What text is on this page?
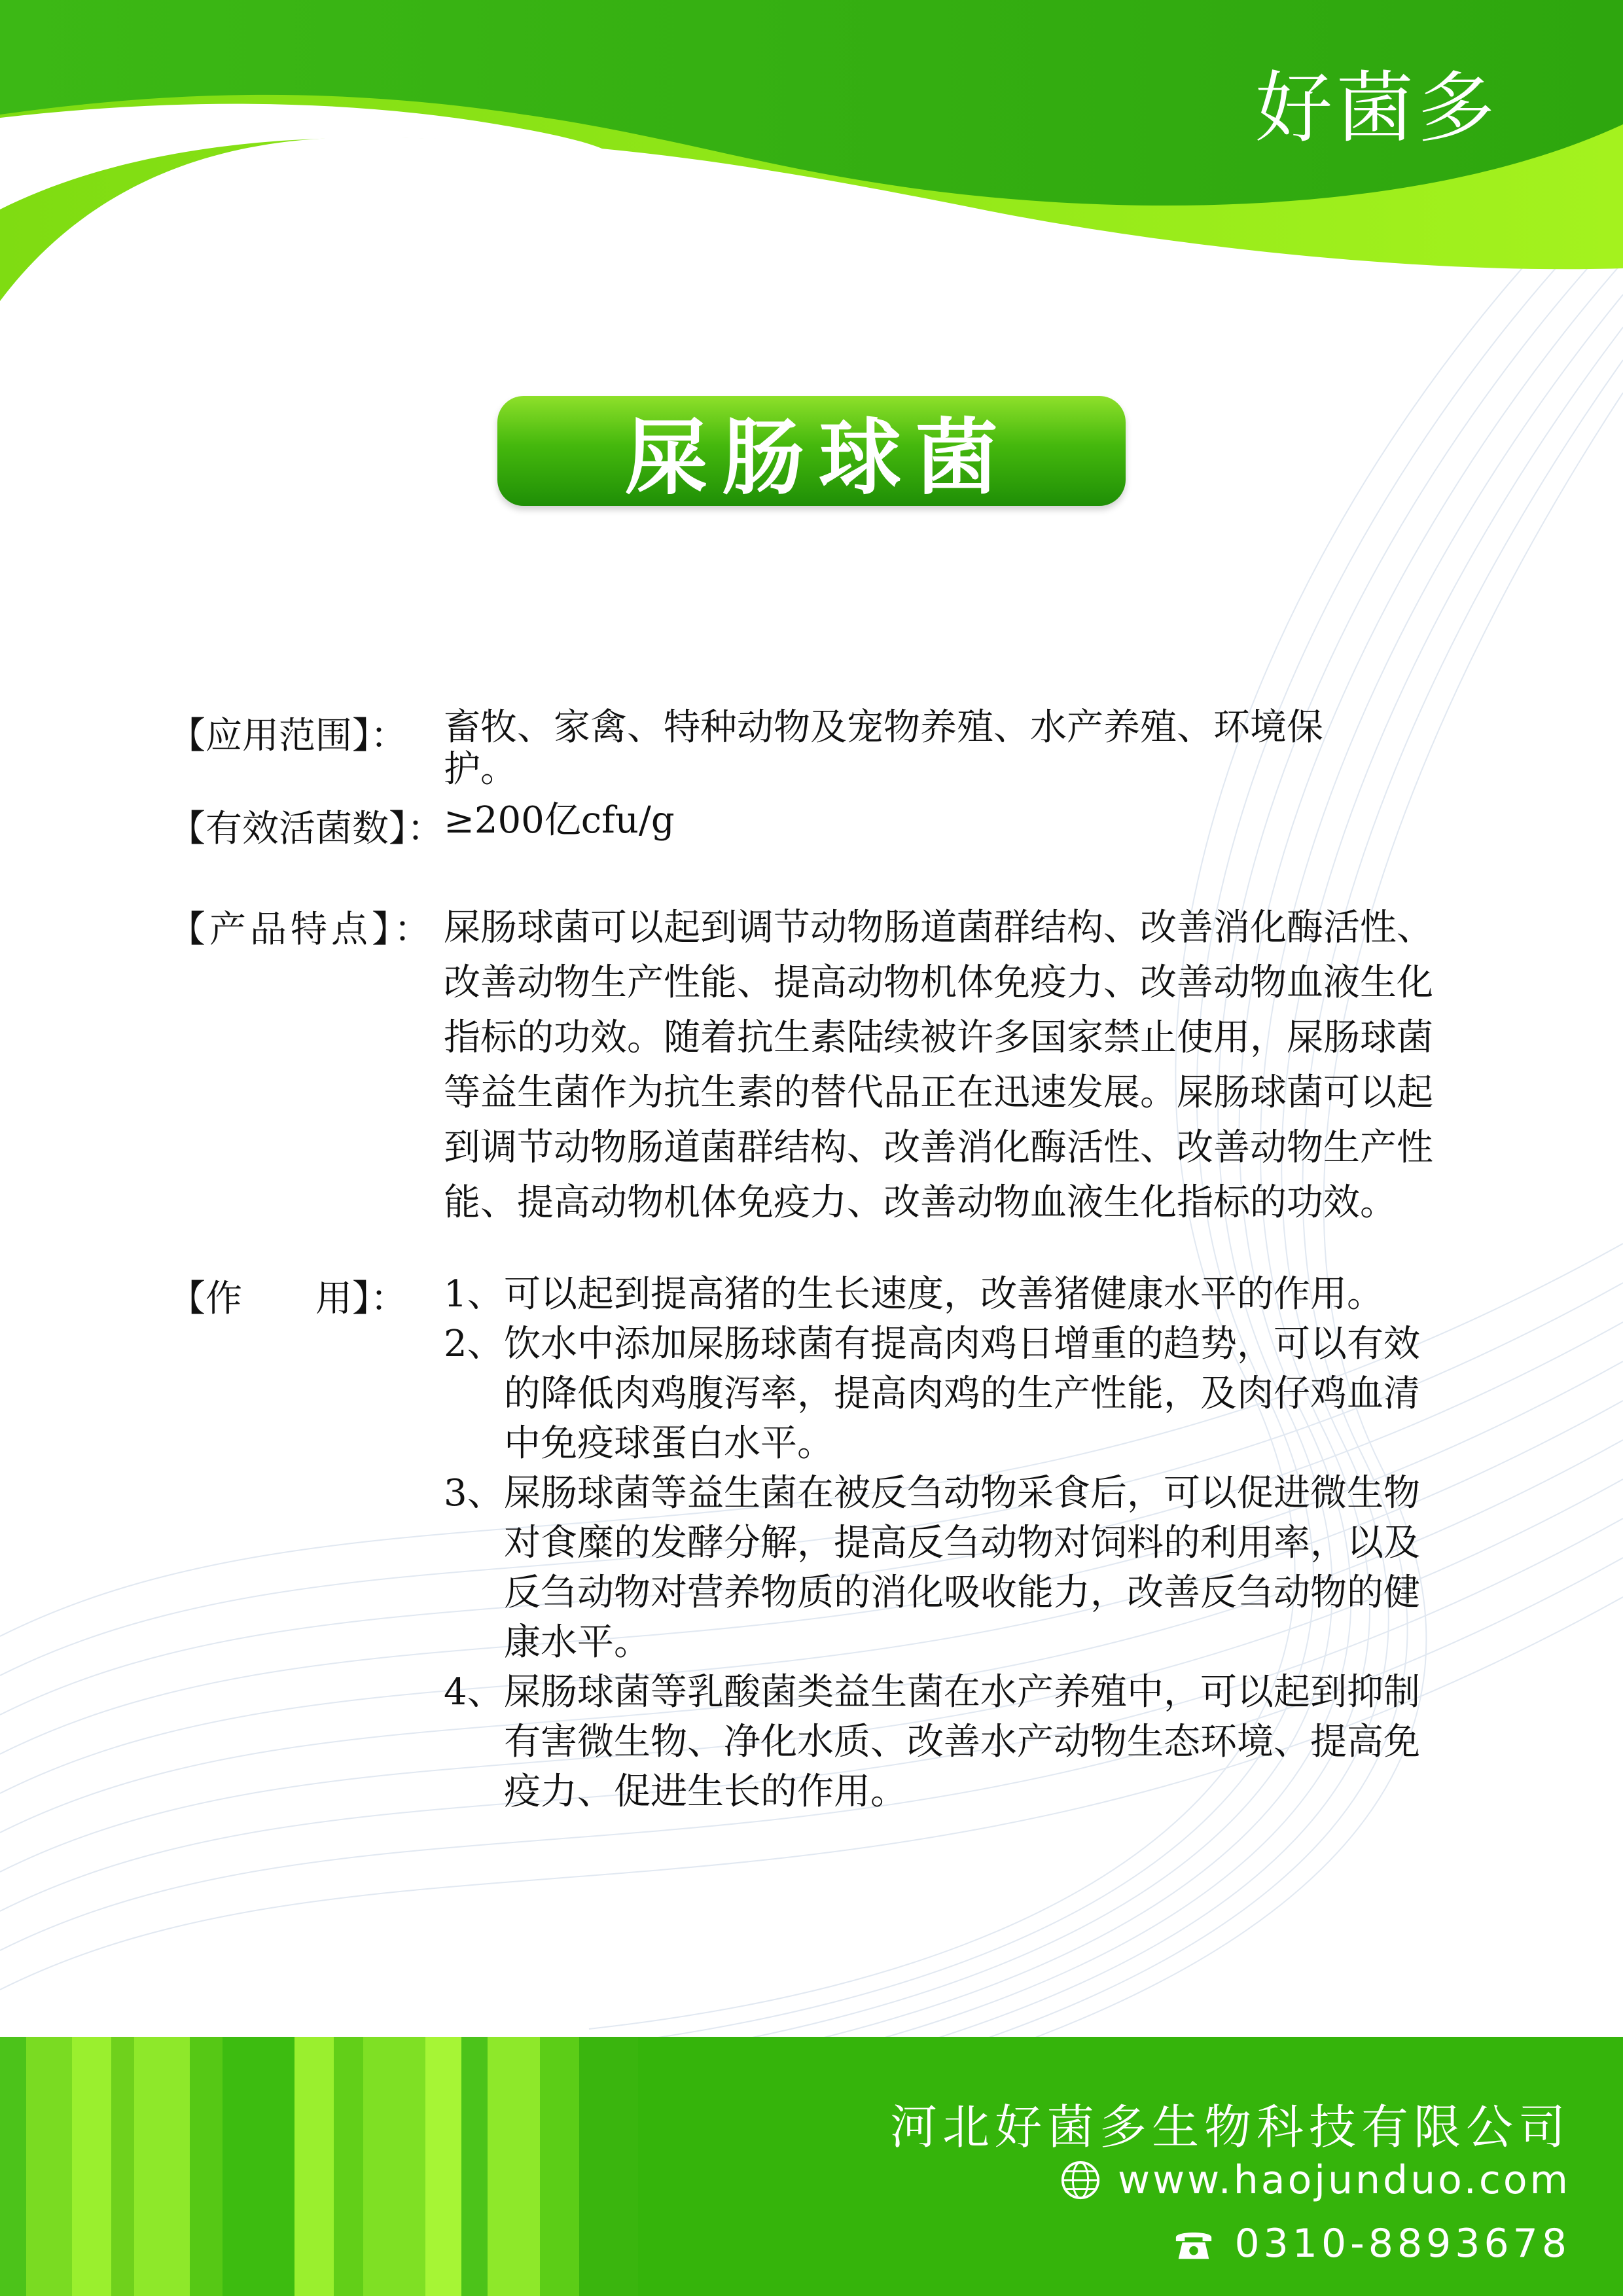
好菌多
屎肠球菌
【应用范围】： 畜牧、家禽、特种动物及宠物养殖、水产养殖、环境保护。
【有效活菌数】： ≥200亿cfu/g
【产品特点】： 屎肠球菌可以起到调节动物肠道菌群结构、改善消化酶活性、改善动物生产性能、提高动物机体免疫力、改善动物血液生化指标的功效。随着抗生素陆续被许多国家禁止使用，屎肠球菌等益生菌作为抗生素的替代品正在迅速发展。屎肠球菌可以起到调节动物肠道菌群结构、改善消化酶活性、改善动物生产性能、提高动物机体免疫力、改善动物血液生化指标的功效。
【作　　用】： 1、 可以起到提高猪的生长速度，改善猪健康水平的作用。
2、 饮水中添加屎肠球菌有提高肉鸡日增重的趋势，可以有效的降低肉鸡腹泻率，提高肉鸡的生产性能，及肉仔鸡血清中免疫球蛋白水平。
3、 屎肠球菌等益生菌在被反刍动物采食后，可以促进微生物对食糜的发酵分解，提高反刍动物对饲料的利用率，以及反刍动物对营养物质的消化吸收能力，改善反刍动物的健康水平。
4、 屎肠球菌等乳酸菌类益生菌在水产养殖中，可以起到抑制有害微生物、净化水质、改善水产动物生态环境、提高免疫力、促进生长的作用。
河北好菌多生物科技有限公司
www.haojunduo.com
0310-8893678
